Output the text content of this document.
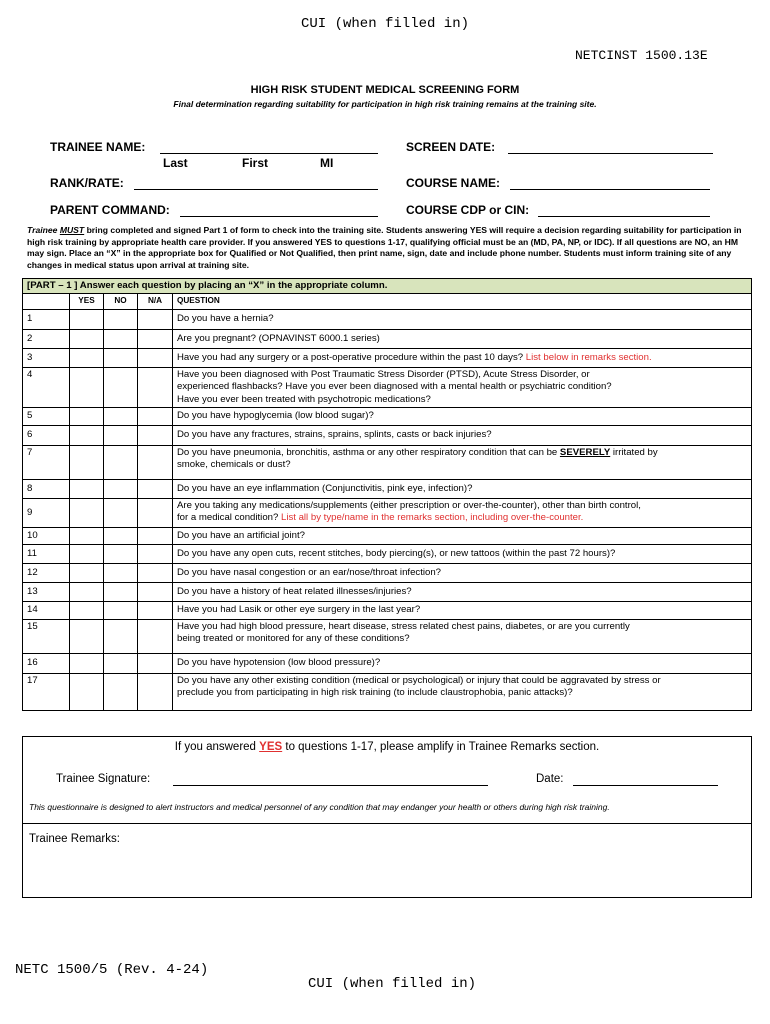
CUI (when filled in)
NETCINST 1500.13E
HIGH RISK STUDENT MEDICAL SCREENING FORM
Final determination regarding suitability for participation in high risk training remains at the training site.
TRAINEE NAME:
Last	First	MI
SCREEN DATE:
RANK/RATE:	COURSE NAME:
PARENT COMMAND:	COURSE CDP or CIN:
Trainee MUST bring completed and signed Part 1 of form to check into the training site. Students answering YES will require a decision regarding suitability for participation in high risk training by appropriate health care provider. If you answered YES to questions 1-17, qualifying official must be an (MD, PA, NP, or IDC). If all questions are NO, an HM may sign. Place an “X” in the appropriate box for Qualified or Not Qualified, then print name, sign, date and include phone number. Students must inform training site of any changes in medical status upon arrival at training site.
[PART – 1 ] Answer each question by placing an “X” in the appropriate column.				
	YES	NO	N/A	QUESTION
1				Do you have a hernia?
2				Are you pregnant? (OPNAVINST 6000.1 series)
3				Have you had any surgery or a post-operative procedure within the past 10 days? List below in remarks section.
4				Have you been diagnosed with Post Traumatic Stress Disorder (PTSD), Acute Stress Disorder, or
experienced flashbacks? Have you ever been diagnosed with a mental health or psychiatric condition?
Have you ever been treated with psychotropic medications?
5				Do you have hypoglycemia (low blood sugar)?
6				Do you have any fractures, strains, sprains, splints, casts or back injuries?
7				Do you have pneumonia, bronchitis, asthma or any other respiratory condition that can be SEVERELY irritated by
smoke, chemicals or dust?
8				Do you have an eye inflammation (Conjunctivitis, pink eye, infection)?
9				Are you taking any medications/supplements (either prescription or over-the-counter), other than birth control,
for a medical condition? List all by type/name in the remarks section, including over-the-counter.
10				Do you have an artificial joint?
11				Do you have any open cuts, recent stitches, body piercing(s), or new tattoos (within the past 72 hours)?
12				Do you have nasal congestion or an ear/nose/throat infection?
13				Do you have a history of heat related illnesses/injuries?
14				Have you had Lasik or other eye surgery in the last year?
15				Have you had high blood pressure, heart disease, stress related chest pains, diabetes, or are you currently
being treated or monitored for any of these conditions?
16				Do you have hypotension (low blood pressure)?
17				Do you have any other existing condition (medical or psychological) or injury that could be aggravated by stress or
preclude you from participating in high risk training (to include claustrophobia, panic attacks)?
If you answered YES to questions 1-17, please amplify in Trainee Remarks section.
Trainee Signature:	Date:
This questionnaire is designed to alert instructors and medical personnel of any condition that may endanger your health or others during high risk training.
Trainee Remarks:
NETC 1500/5 (Rev. 4-24)
CUI (when filled in)
